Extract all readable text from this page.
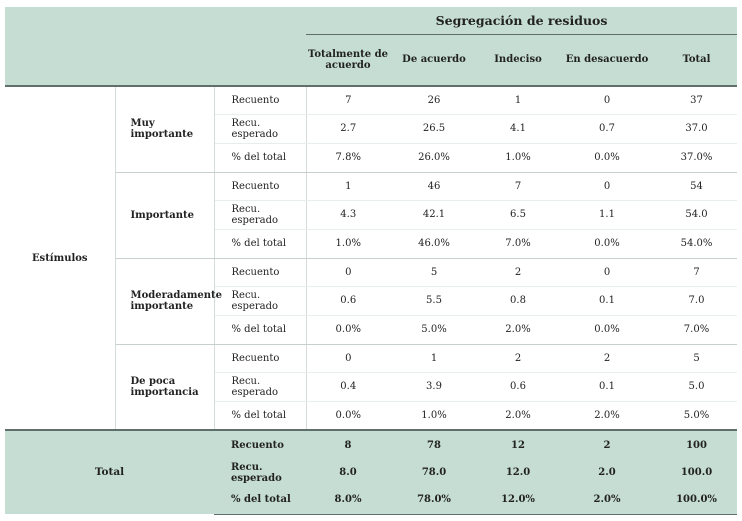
			Segregación de residuos				
			Totalmente de acuerdo	De acuerdo	Indeciso	En desacuerdo	Total
Estímulos	Muy importante	Recuento	7	26	1	0	37
		Recu. esperado	2.7	26.5	4.1	0.7	37.0
		% del total	7.8%	26.0%	1.0%	0.0%	37.0%
	Importante	Recuento	1	46	7	0	54
		Recu. esperado	4.3	42.1	6.5	1.1	54.0
		% del total	1.0%	46.0%	7.0%	0.0%	54.0%
	Moderadamente importante	Recuento	0	5	2	0	7
		Recu. esperado	0.6	5.5	0.8	0.1	7.0
		% del total	0.0%	5.0%	2.0%	0.0%	7.0%
	De poca importancia	Recuento	0	1	2	2	5
		Recu. esperado	0.4	3.9	0.6	0.1	5.0
		% del total	0.0%	1.0%	2.0%	2.0%	5.0%
Total		Recuento	8	78	12	2	100
		Recu. esperado	8.0	78.0	12.0	2.0	100.0
		% del total	8.0%	78.0%	12.0%	2.0%	100.0%
